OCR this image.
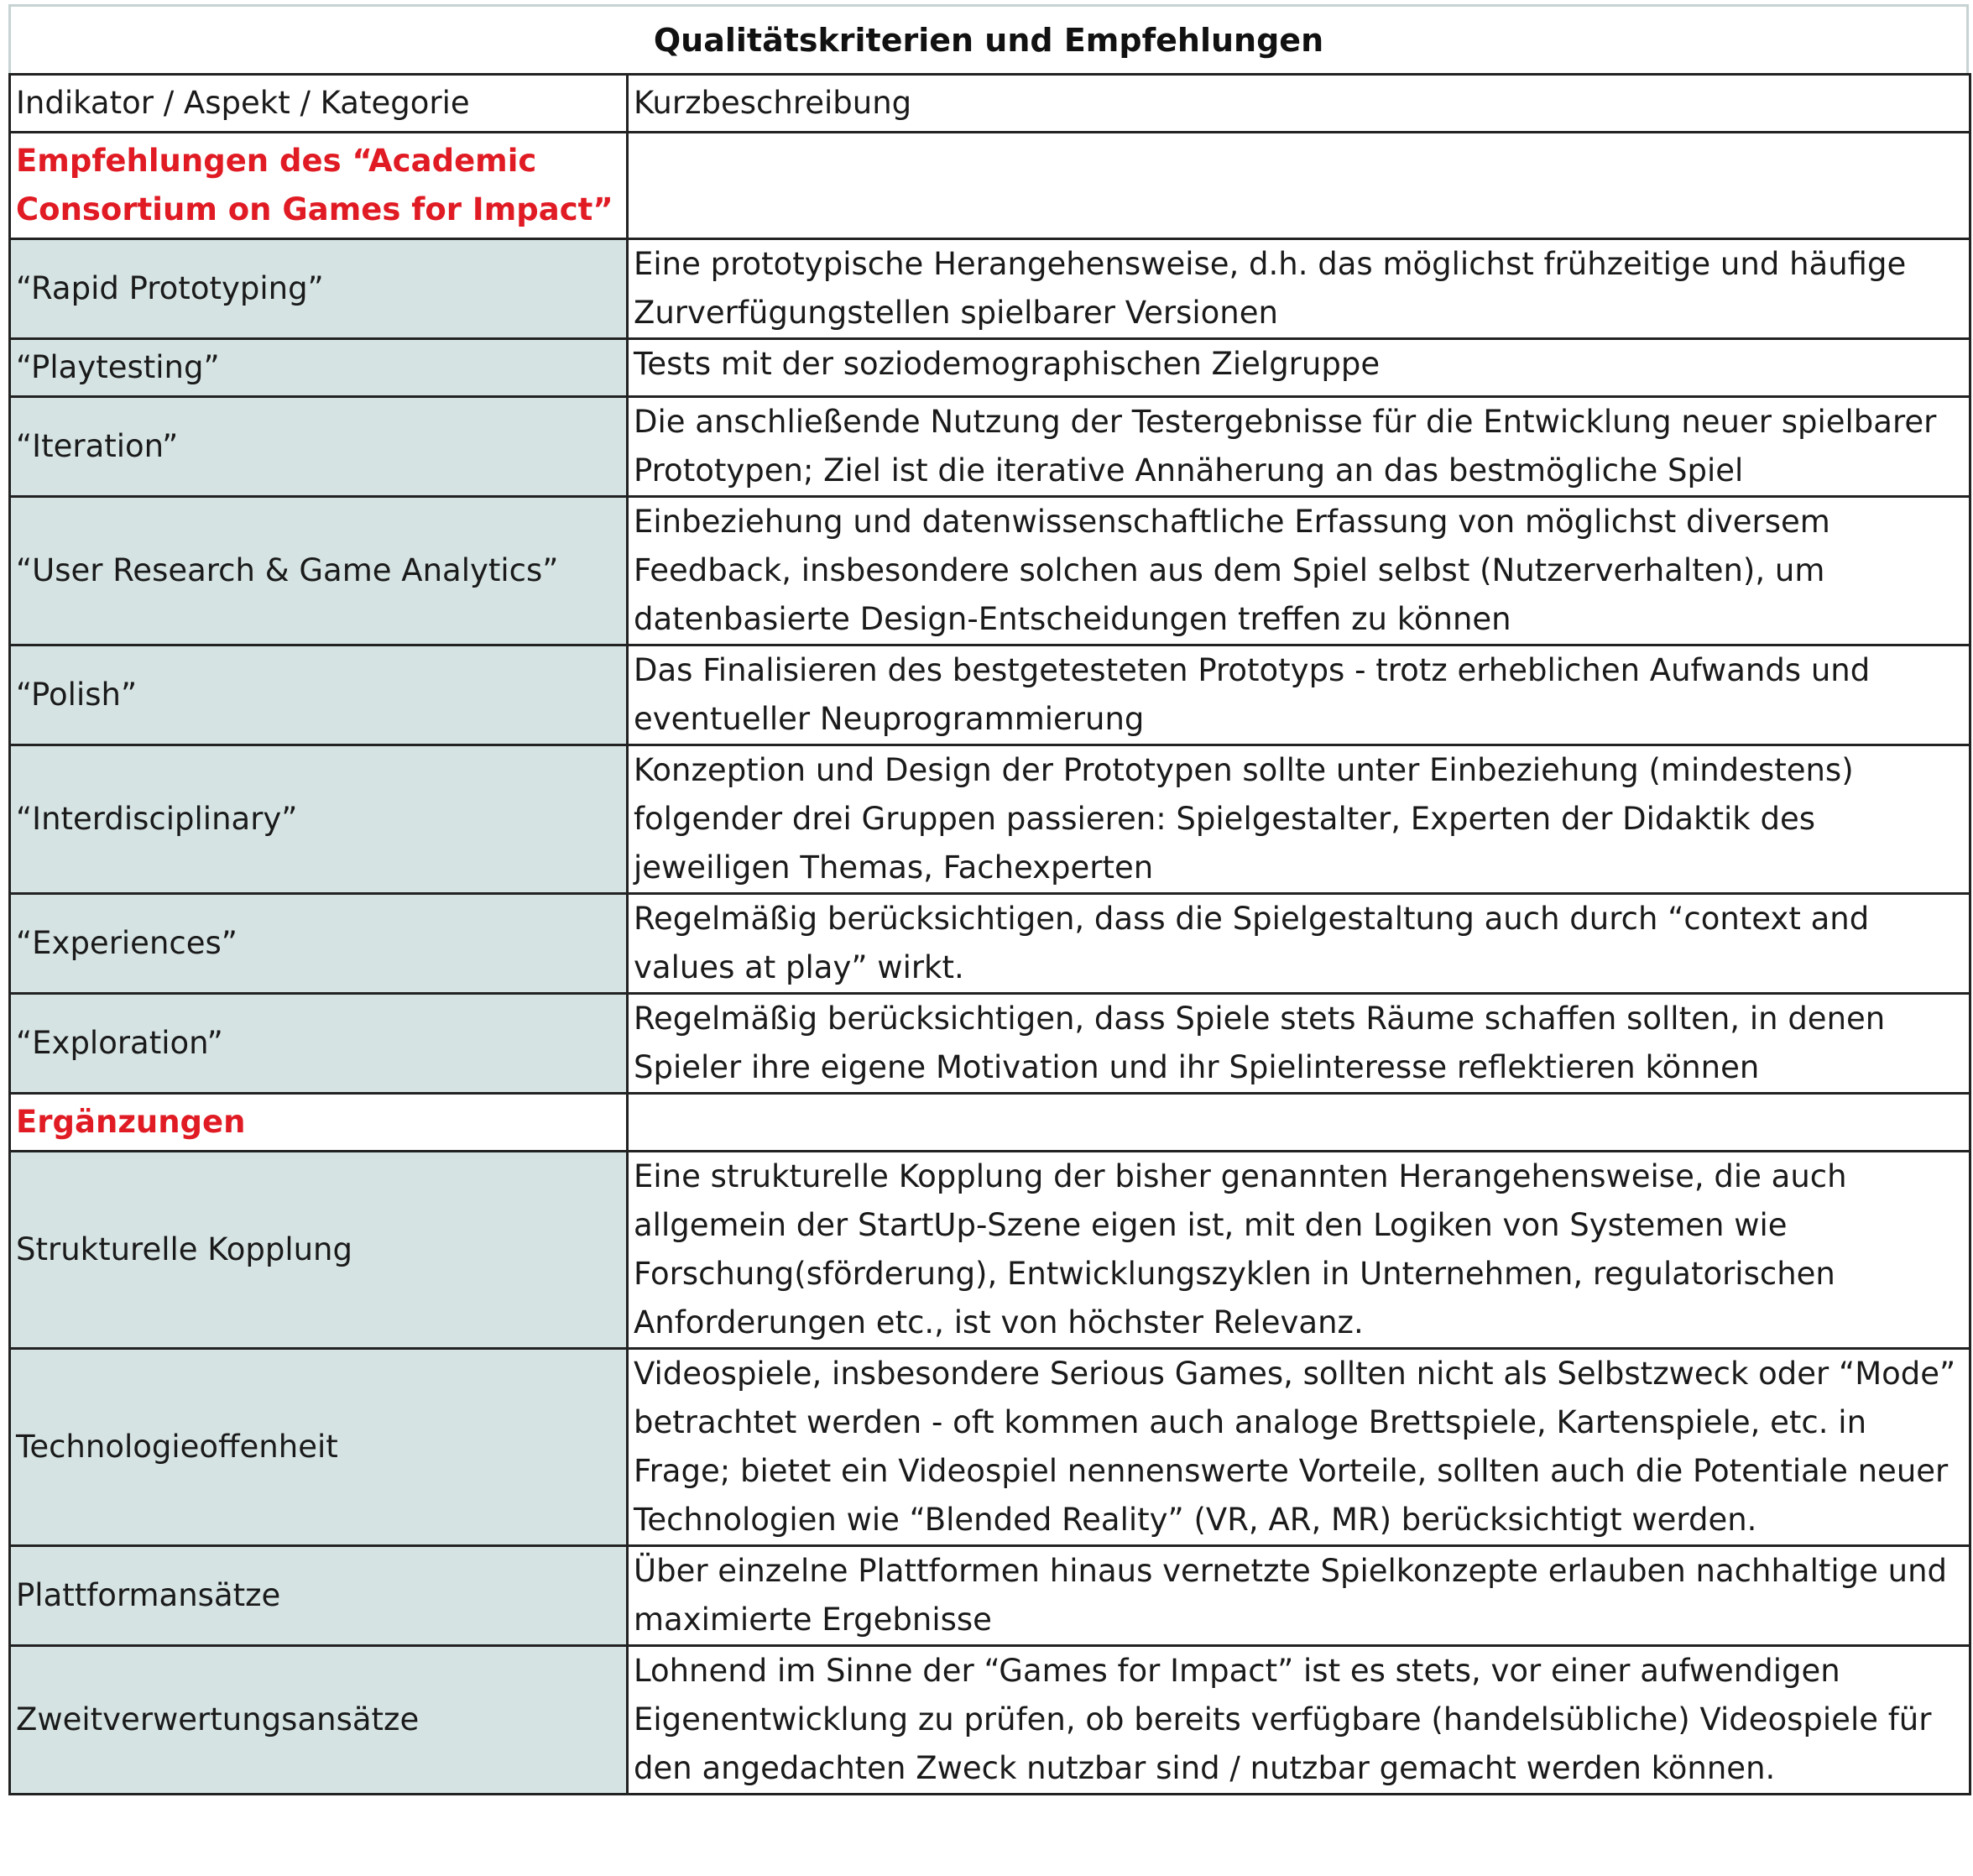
Qualitätskriterien und Empfehlungen
Indikator / Aspekt / Kategorie	Kurzbeschreibung
Empfehlungen des “Academic Consortium on Games for Impact”	
“Rapid Prototyping”	Eine prototypische Herangehensweise, d.h. das möglichst frühzeitige und häufige Zurverfügungstellen spielbarer Versionen
“Playtesting”	Tests mit der soziodemographischen Zielgruppe
“Iteration”	Die anschließende Nutzung der Testergebnisse für die Entwicklung neuer spielbarer Prototypen; Ziel ist die iterative Annäherung an das bestmögliche Spiel
“User Research & Game Analytics”	Einbeziehung und datenwissenschaftliche Erfassung von möglichst diversem Feedback, insbesondere solchen aus dem Spiel selbst (Nutzerverhalten), um datenbasierte Design-Entscheidungen treffen zu können
“Polish”	Das Finalisieren des bestgetesteten Prototyps - trotz erheblichen Aufwands und eventueller Neuprogrammierung
“Interdisciplinary”	Konzeption und Design der Prototypen sollte unter Einbeziehung (mindestens) folgender drei Gruppen passieren: Spielgestalter, Experten der Didaktik des jeweiligen Themas, Fachexperten
“Experiences”	Regelmäßig berücksichtigen, dass die Spielgestaltung auch durch “context and values at play” wirkt.
“Exploration”	Regelmäßig berücksichtigen, dass Spiele stets Räume schaffen sollten, in denen Spieler ihre eigene Motivation und ihr Spielinteresse reflektieren können
Ergänzungen	
Strukturelle Kopplung	Eine strukturelle Kopplung der bisher genannten Herangehensweise, die auch allgemein der StartUp-Szene eigen ist, mit den Logiken von Systemen wie Forschung(sförderung), Entwicklungszyklen in Unternehmen, regulatorischen Anforderungen etc., ist von höchster Relevanz.
Technologieoffenheit	Videospiele, insbesondere Serious Games, sollten nicht als Selbstzweck oder “Mode” betrachtet werden - oft kommen auch analoge Brettspiele, Kartenspiele, etc. in Frage; bietet ein Videospiel nennenswerte Vorteile, sollten auch die Potentiale neuer Technologien wie “Blended Reality” (VR, AR, MR) berücksichtigt werden.
Plattformansätze	Über einzelne Plattformen hinaus vernetzte Spielkonzepte erlauben nachhaltige und maximierte Ergebnisse
Zweitverwertungsansätze	Lohnend im Sinne der “Games for Impact” ist es stets, vor einer aufwendigen Eigenentwicklung zu prüfen, ob bereits verfügbare (handelsübliche) Videospiele für den angedachten Zweck nutzbar sind / nutzbar gemacht werden können.
